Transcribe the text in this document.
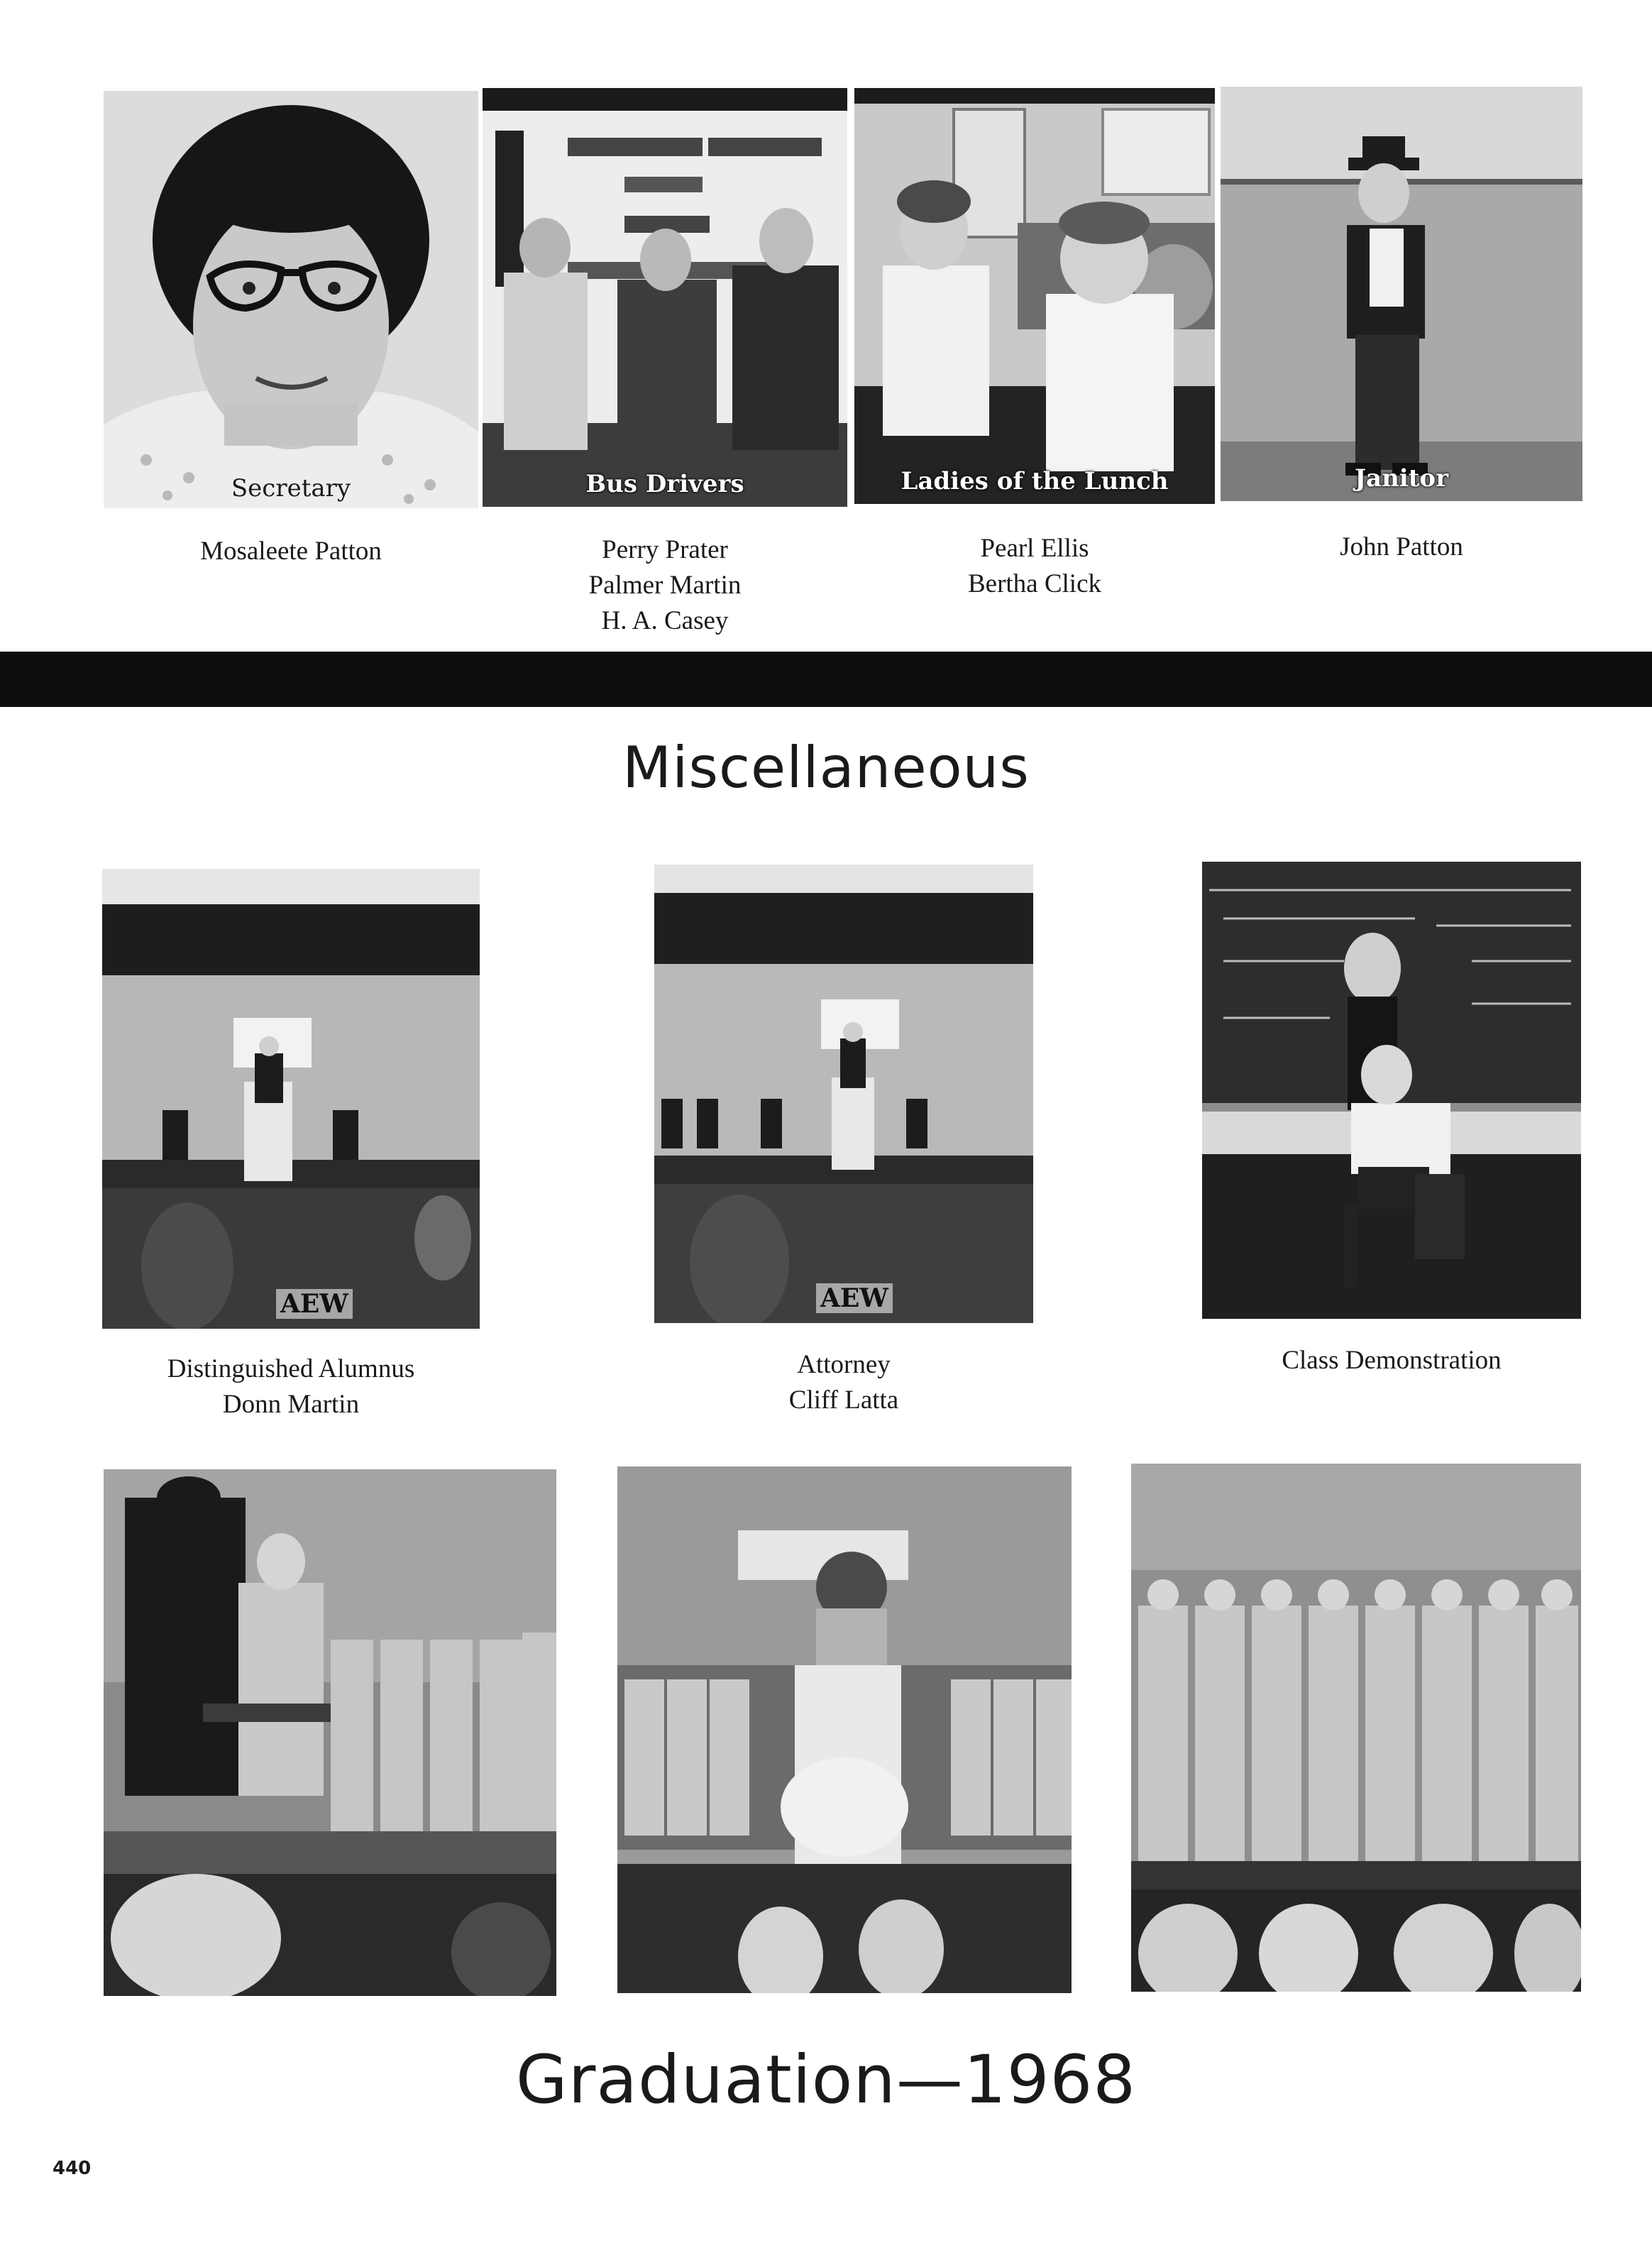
Secretary	Bus Drivers	Ladies of the Lunch	Janitor
Mosaleete Patton	Perry Prater
Palmer Martin
H. A. Casey
Pearl Ellis
Bertha Click
John Patton
Miscellaneous
AEW	AEW
Distinguished Alumnus
Donn Martin
Attorney
Cliff Latta
Class Demonstration
Graduation—1968
440
